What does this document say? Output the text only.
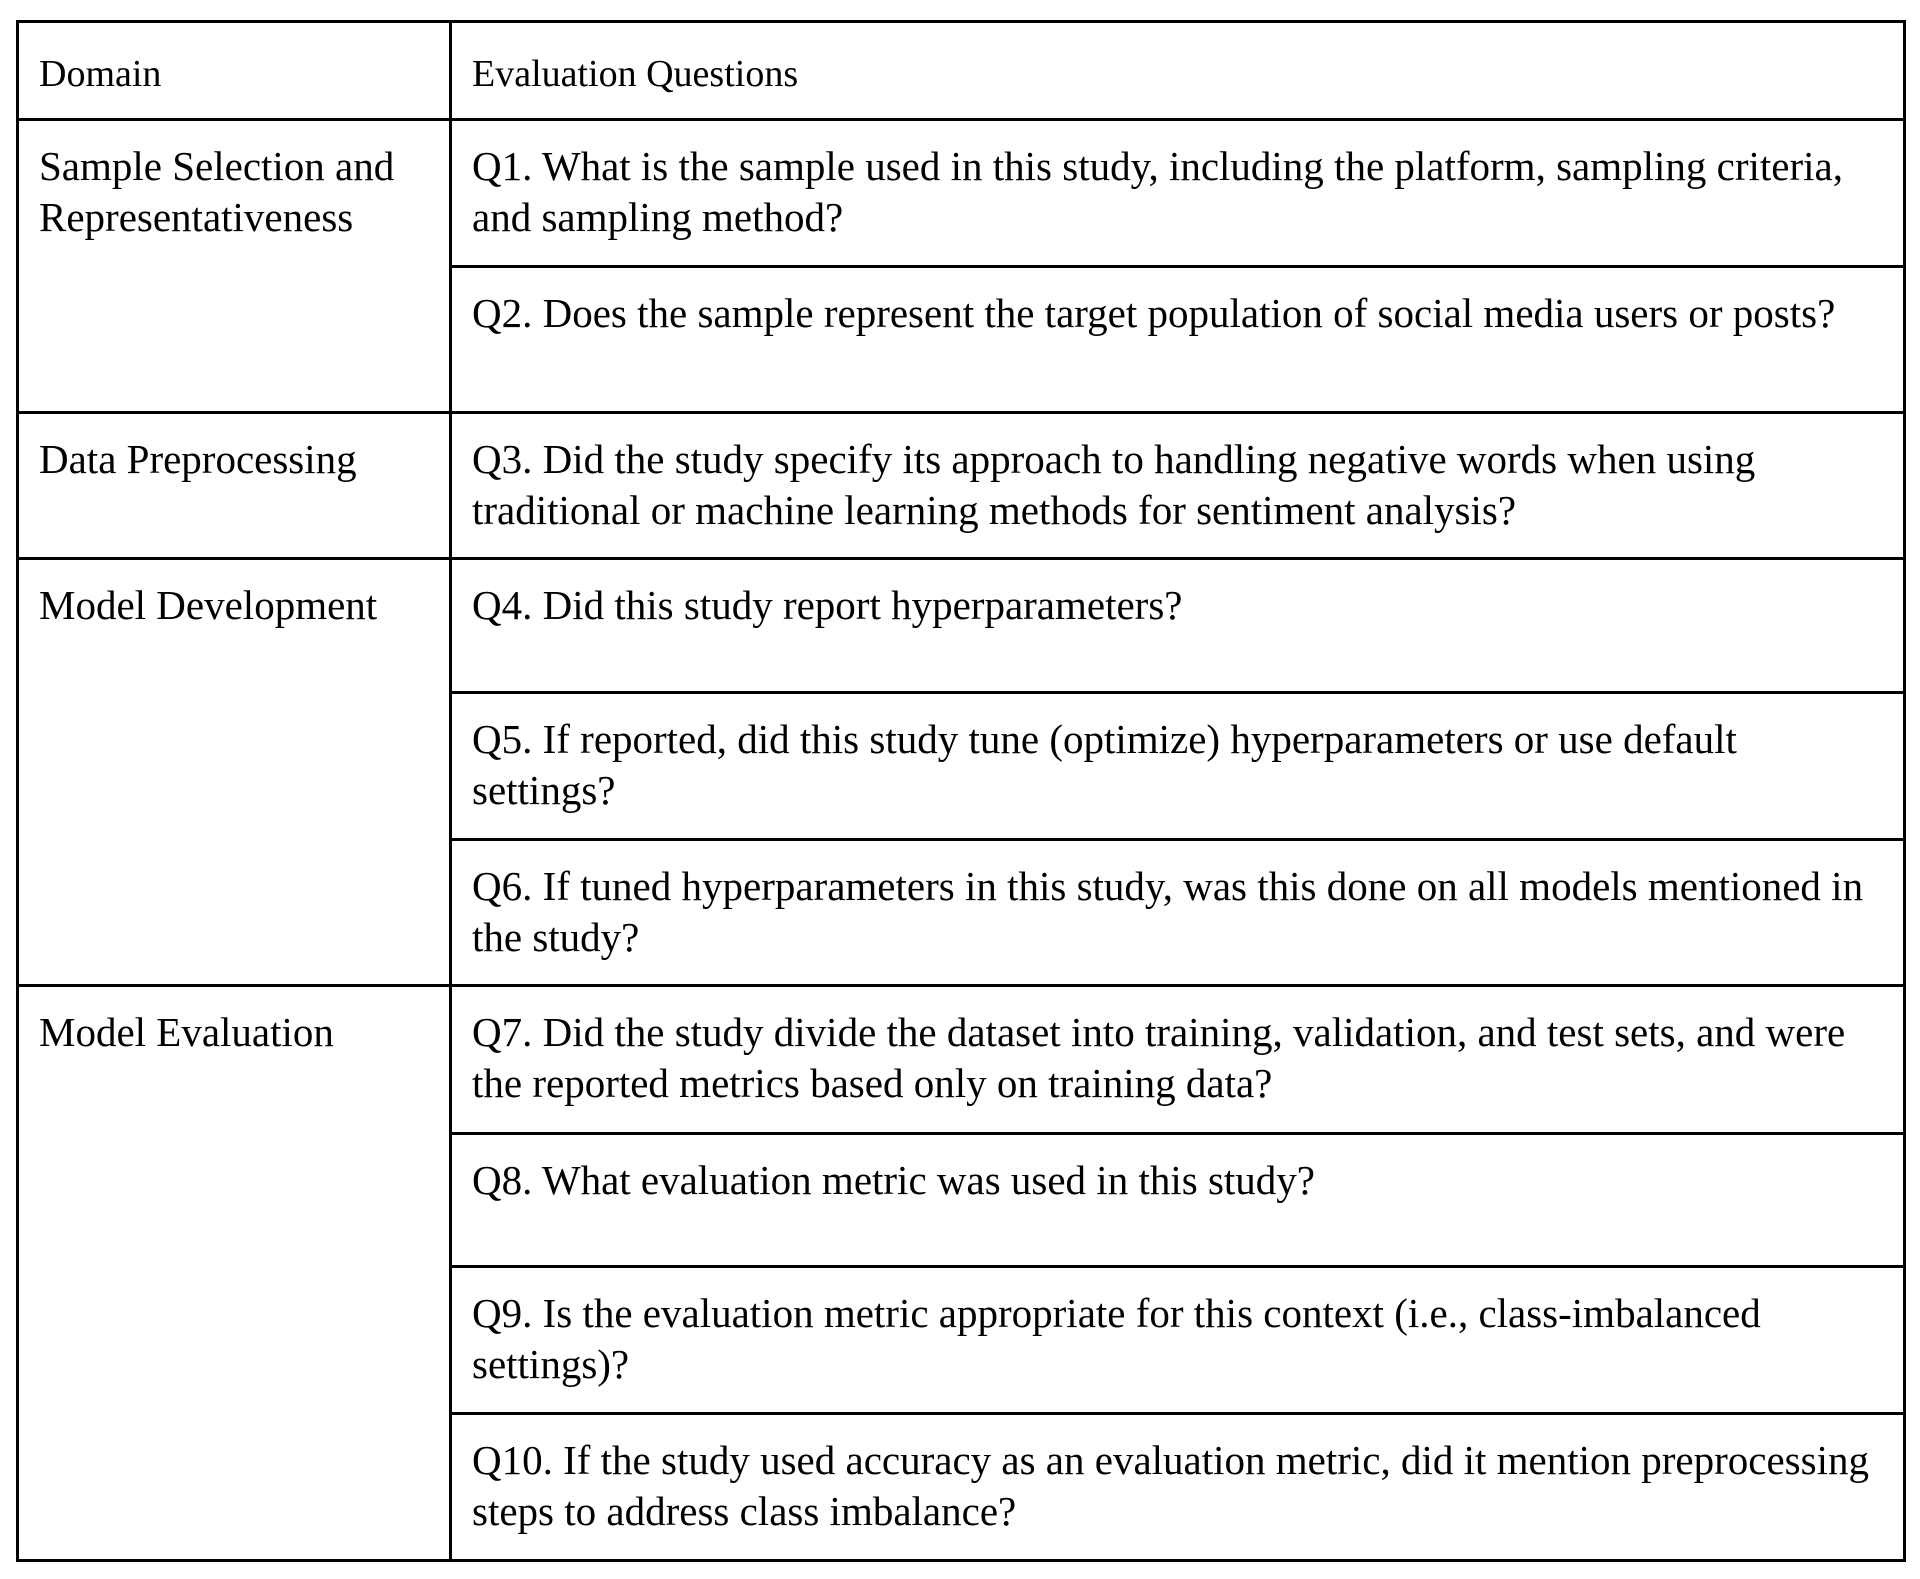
Domain	Evaluation Questions
Sample Selection and Representativeness	Q1. What is the sample used in this study, including the platform, sampling criteria, and sampling method?
	Q2. Does the sample represent the target population of social media users or posts?
Data Preprocessing	Q3. Did the study specify its approach to handling negative words when using traditional or machine learning methods for sentiment analysis?
Model Development	Q4. Did this study report hyperparameters?
	Q5. If reported, did this study tune (optimize) hyperparameters or use default settings?
	Q6. If tuned hyperparameters in this study, was this done on all models mentioned in the study?
Model Evaluation	Q7. Did the study divide the dataset into training, validation, and test sets, and were the reported metrics based only on training data?
	Q8. What evaluation metric was used in this study?
	Q9. Is the evaluation metric appropriate for this context (i.e., class-imbalanced settings)?
	Q10. If the study used accuracy as an evaluation metric, did it mention preprocessing steps to address class imbalance?
